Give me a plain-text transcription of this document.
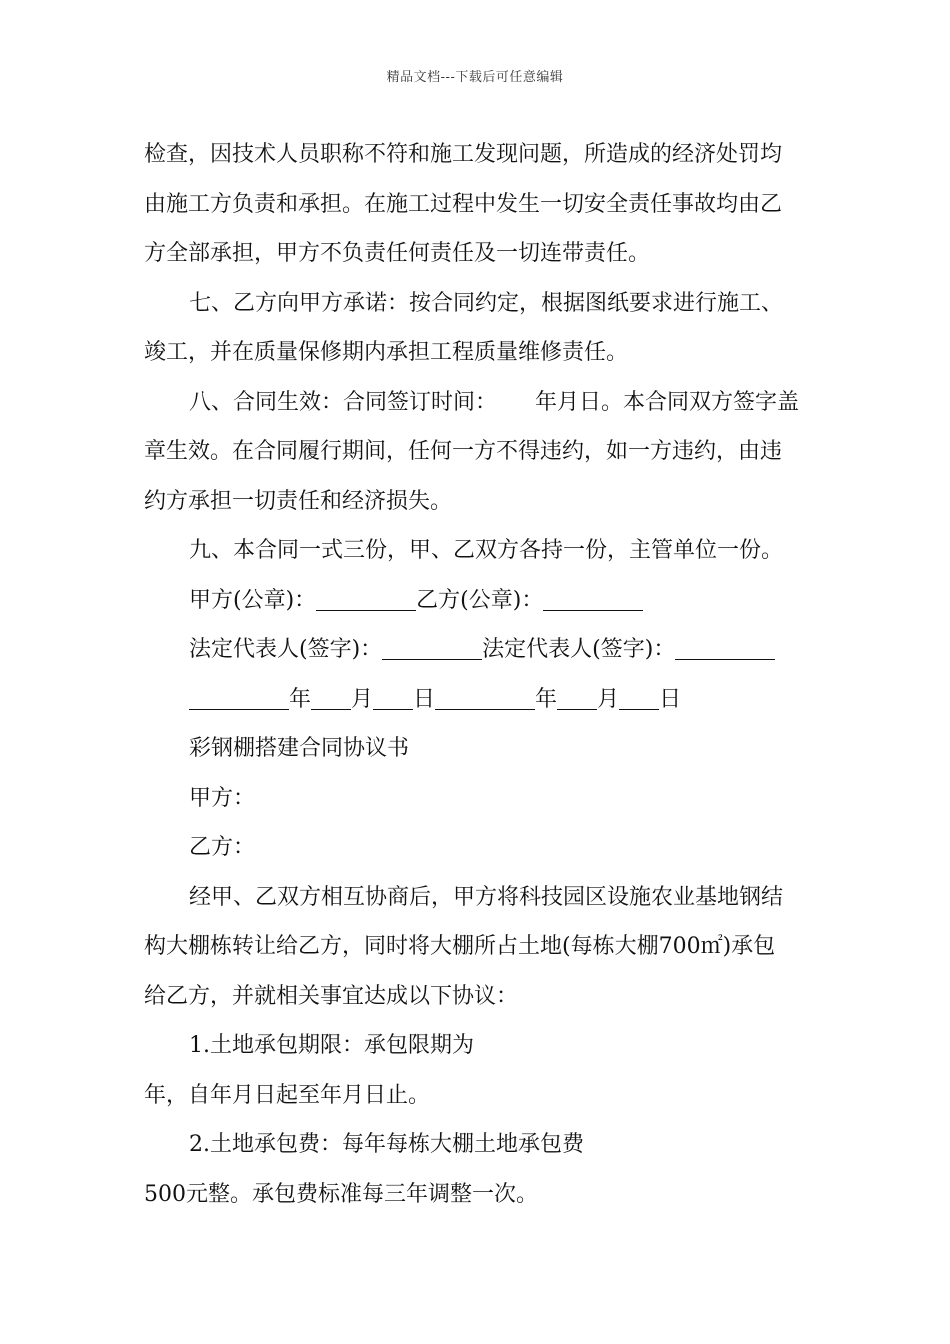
精品文档---下载后可任意编辑
检查，因技术人员职称不符和施工发现问题，所造成的经济处罚均
由施工方负责和承担。在施工过程中发生一切安全责任事故均由乙
方全部承担，甲方不负责任何责任及一切连带责任。
七、乙方向甲方承诺：按合同约定，根据图纸要求进行施工、
竣工，并在质量保修期内承担工程质量维修责任。
八、合同生效：合同签订时间： 年月日。本合同双方签字盖
章生效。在合同履行期间，任何一方不得违约，如一方违约，由违
约方承担一切责任和经济损失。
九、本合同一式三份，甲、乙双方各持一份，主管单位一份。
甲方(公章)：	乙方(公章)：
法定代表人(签字)：	法定代表人(签字)：
年 月 日	年 月 日
彩钢棚搭建合同协议书
甲方：
乙方：
经甲、乙双方相互协商后，甲方将科技园区设施农业基地钢结
构大棚栋转让给乙方，同时将大棚所占土地(每栋大棚700㎡)承包
给乙方，并就相关事宜达成以下协议：
1.土地承包期限：承包限期为
年，自年月日起至年月日止。
2.土地承包费：每年每栋大棚土地承包费
500元整。承包费标准每三年调整一次。
